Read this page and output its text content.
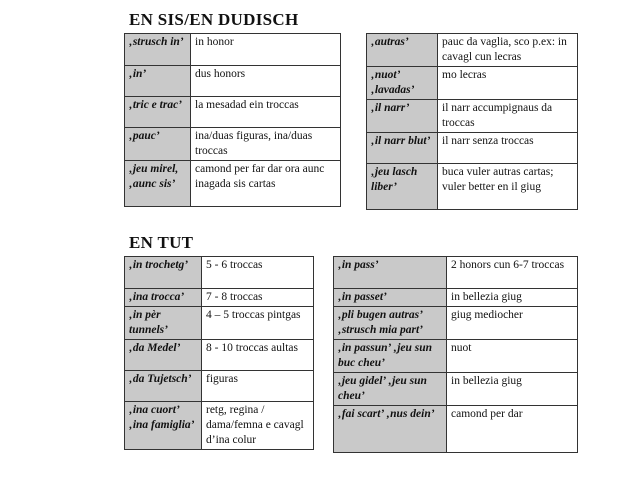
EN SIS/EN DUDISCH
‚strusch in’	in honor
‚in’	dus honors
‚tric e trac’	la mesadad ein troccas
‚pauc’	ina/duas figuras, ina/duas troccas
‚jeu mirel, ‚aunc sis’	camond per far dar ora aunc inagada sis cartas
‚autras’	pauc da vaglia, sco p.ex: in cavagl cun lecras
‚nuot’ ‚lavadas’	mo lecras
‚il narr’	il narr accumpignaus da troccas
‚il narr blut’	il narr senza troccas
‚jeu lasch liber’	buca vuler autras cartas; vuler better en il giug
EN TUT
‚in trochetg’	5 - 6 troccas
‚ina trocca’	7 - 8 troccas
‚in pèr tunnels’	4 – 5 troccas pintgas
‚da Medel’	8 - 10 troccas aultas
‚da Tujetsch’	figuras
‚ina cuort’ ‚ina famiglia’	retg, regina / dama/femna e cavagl d’ina colur
‚in pass’	2 honors cun 6-7 troccas
‚in passet’	in bellezia giug
‚pli bugen autras’ ‚strusch mia part’	giug mediocher
‚in passun’ ‚jeu sun buc cheu’	nuot
‚jeu gidel’ ‚jeu sun cheu’	in bellezia giug
‚fai scart’ ‚nus dein’	camond per dar
